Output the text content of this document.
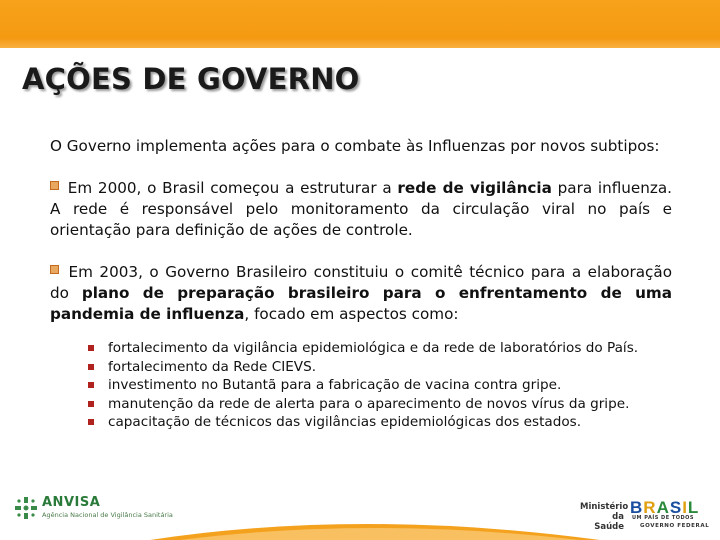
AÇÕES DE GOVERNO

O Governo implementa ações para o combate às Influenzas por novos subtipos:

Em 2000, o Brasil começou a estruturar a rede de vigilância para influenza. A rede é responsável pelo monitoramento da circulação viral no país e orientação para definição de ações de controle.

Em 2003, o Governo Brasileiro constituiu o comitê técnico para a elaboração do plano de preparação brasileiro para o enfrentamento de uma pandemia de influenza, focado em aspectos como:

fortalecimento da vigilância epidemiológica e da rede de laboratórios do País.
fortalecimento da Rede CIEVS.
investimento no Butantã para a fabricação de vacina contra gripe.
manutenção da rede de alerta para o aparecimento de novos vírus da gripe.
capacitação de técnicos das vigilâncias epidemiológicas dos estados.
ANVISA
Agência Nacional de Vigilância Sanitária
Ministério
da Saúde
BRASIL
UM PAÍS DE TODOS
GOVERNO FEDERAL
